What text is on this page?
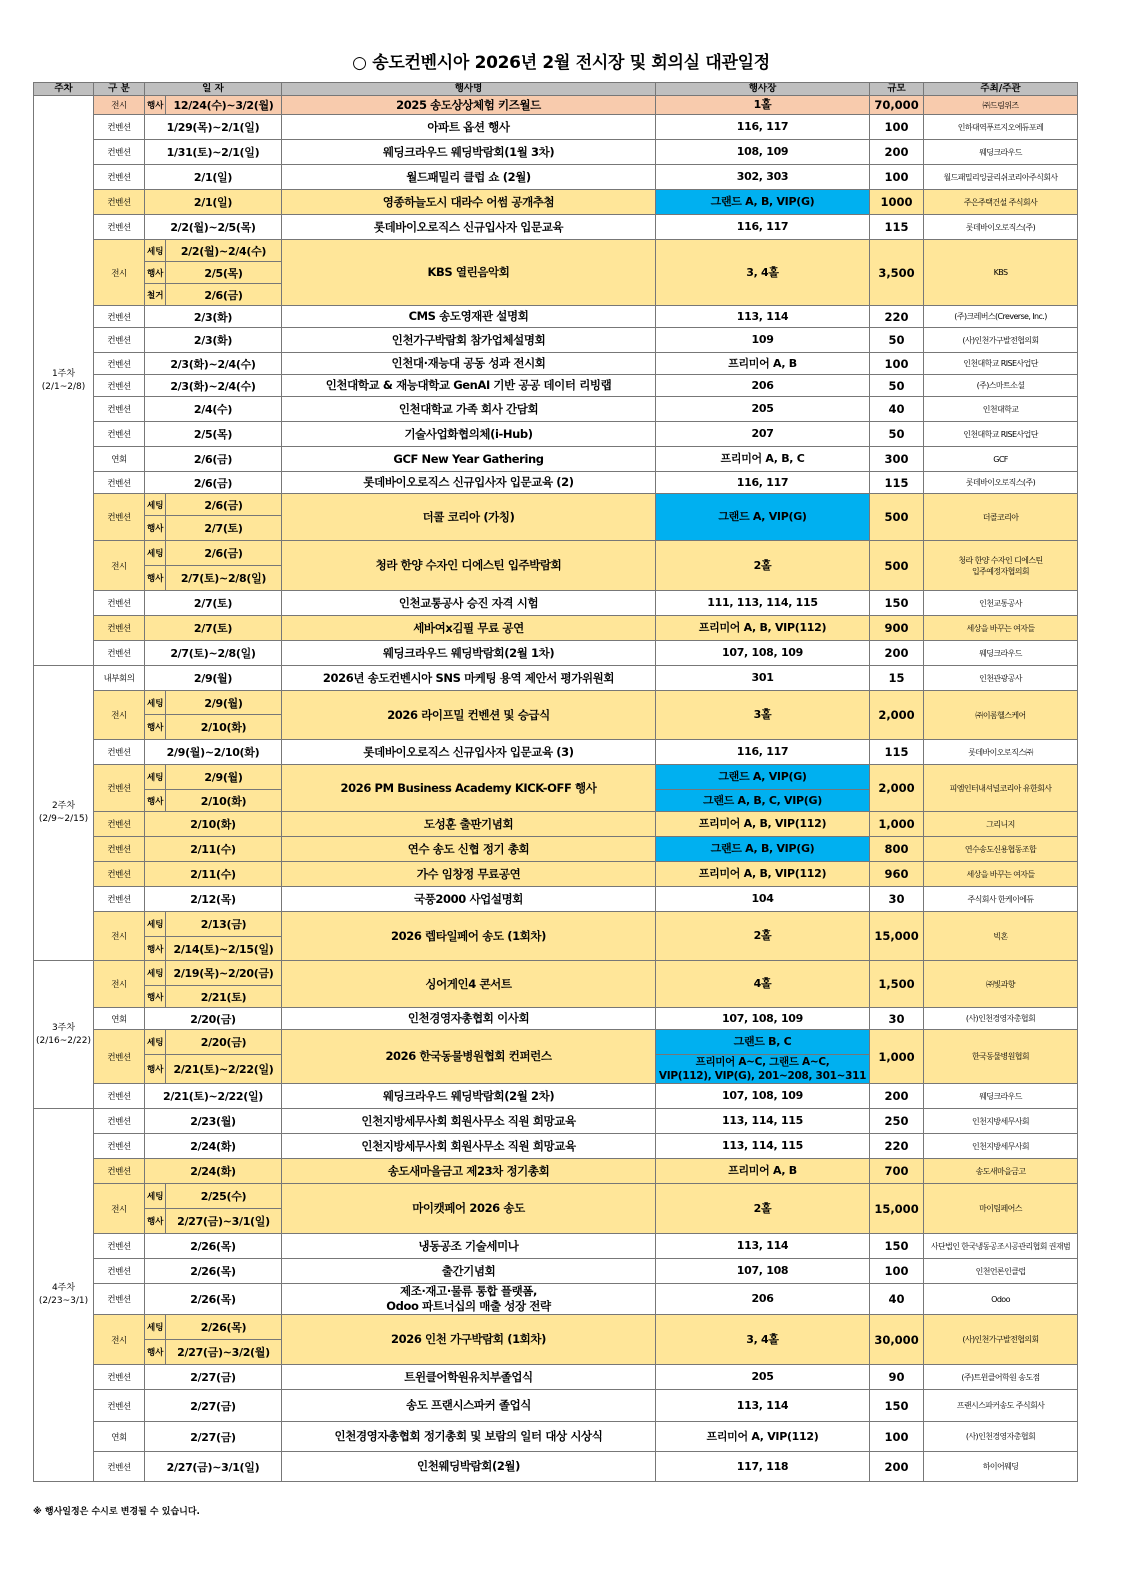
○ 송도컨벤시아 2026년 2월 전시장 및 회의실 대관일정
주차	구 분	일 자		행사명	행사장	규모	주최/주관
1주차
(2/1~2/8)	전시	행사	12/24(수)~3/2(월)	2025 송도상상체험 키즈월드	1홀	70,000	㈜드림위즈
	컨벤션	1/29(목)~2/1(일)		아파트 옵션 행사	116, 117	100	인하대역푸르지오에듀포레
	컨벤션	1/31(토)~2/1(일)		웨딩크라우드 웨딩박람회(1월 3차)	108, 109	200	웨딩크라우드
	컨벤션	2/1(일)		월드패밀리 클럽 쇼 (2월)	302, 303	100	월드패밀리잉글리쉬코리아주식회사
	컨벤션	2/1(일)		영종하늘도시 대라수 어썸 공개추첨	그랜드 A, B, VIP(G)	1000	주은주택건설 주식회사
	컨벤션	2/2(월)~2/5(목)		롯데바이오로직스 신규입사자 입문교육	116, 117	115	롯데바이오로직스(주)
	전시	세팅	2/2(월)~2/4(수)	KBS 열린음악회	3, 4홀	3,500	KBS
		행사	2/5(목)				
		철거	2/6(금)				
	컨벤션	2/3(화)		CMS 송도영재관 설명회	113, 114	220	(주)크레버스(Creverse, Inc.)
	컨벤션	2/3(화)		인천가구박람회 참가업체설명회	109	50	(사)인천가구발전협의회
	컨벤션	2/3(화)~2/4(수)		인천대·재능대 공동 성과 전시회	프리미어 A, B	100	인천대학교 RISE사업단
	컨벤션	2/3(화)~2/4(수)		인천대학교 & 재능대학교 GenAI 기반 공공 데이터 리빙랩	206	50	(주)스마트소셜
	컨벤션	2/4(수)		인천대학교 가족 회사 간담회	205	40	인천대학교
	컨벤션	2/5(목)		기술사업화협의체(i-Hub)	207	50	인천대학교 RISE사업단
	연회	2/6(금)		GCF New Year Gathering	프리미어 A, B, C	300	GCF
	컨벤션	2/6(금)		롯데바이오로직스 신규입사자 입문교육 (2)	116, 117	115	롯데바이오로직스(주)
	컨벤션	세팅	2/6(금)	더콜 코리아 (가칭)	그랜드 A, VIP(G)	500	더콜코리아
		행사	2/7(토)				
	전시	세팅	2/6(금)	청라 한양 수자인 디에스틴 입주박람회	2홀	500	청라 한양 수자인 디에스틴
입주예정자협의회
		행사	2/7(토)~2/8(일)				
	컨벤션	2/7(토)		인천교통공사 승진 자격 시험	111, 113, 114, 115	150	인천교통공사
	컨벤션	2/7(토)		세바여x김필 무료 공연	프리미어 A, B, VIP(112)	900	세상을 바꾸는 여자들
	컨벤션	2/7(토)~2/8(일)		웨딩크라우드 웨딩박람회(2월 1차)	107, 108, 109	200	웨딩크라우드
2주차
(2/9~2/15)	내부회의	2/9(월)		2026년 송도컨벤시아 SNS 마케팅 용역 제안서 평가위원회	301	15	인천관광공사
	전시	세팅	2/9(월)	2026 라이프밀 컨벤션 및 승급식	3홀	2,000	㈜이롬헬스케어
		행사	2/10(화)				
	컨벤션	2/9(월)~2/10(화)		롯데바이오로직스 신규입사자 입문교육 (3)	116, 117	115	롯데바이오로직스㈜
	컨벤션	세팅	2/9(월)	2026 PM Business Academy KICK-OFF 행사	그랜드 A, VIP(G)	2,000	피엠인터내셔널코리아 유한회사
		행사	2/10(화)		그랜드 A, B, C, VIP(G)		
	컨벤션	2/10(화)		도성훈 출판기념회	프리미어 A, B, VIP(112)	1,000	그리니지
	컨벤션	2/11(수)		연수 송도 신협 정기 총회	그랜드 A, B, VIP(G)	800	연수송도신용협동조합
	컨벤션	2/11(수)		가수 임창정 무료공연	프리미어 A, B, VIP(112)	960	세상을 바꾸는 여자들
	컨벤션	2/12(목)		국풍2000 사업설명회	104	30	주식회사 한케이에듀
	전시	세팅	2/13(금)	2026 렙타일페어 송도 (1회차)	2홀	15,000	빅혼
		행사	2/14(토)~2/15(일)				
3주차
(2/16~2/22)	전시	세팅	2/19(목)~2/20(금)	싱어게인4 콘서트	4홀	1,500	㈜빛과향
		행사	2/21(토)				
	연회	2/20(금)		인천경영자총협회 이사회	107, 108, 109	30	(사)인천경영자총협회
	컨벤션	세팅	2/20(금)	2026 한국동물병원협회 컨퍼런스	그랜드 B, C	1,000	한국동물병원협회
		행사	2/21(토)~2/22(일)		프리미어 A~C, 그랜드 A~C,
VIP(112), VIP(G), 201~208, 301~311		
	컨벤션	2/21(토)~2/22(일)		웨딩크라우드 웨딩박람회(2월 2차)	107, 108, 109	200	웨딩크라우드
4주차
(2/23~3/1)	컨벤션	2/23(월)		인천지방세무사회 회원사무소 직원 희망교육	113, 114, 115	250	인천지방세무사회
	컨벤션	2/24(화)		인천지방세무사회 회원사무소 직원 희망교육	113, 114, 115	220	인천지방세무사회
	컨벤션	2/24(화)		송도새마을금고 제23차 정기총회	프리미어 A, B	700	송도새마을금고
	전시	세팅	2/25(수)	마이캣페어 2026 송도	2홀	15,000	마이팀페어스
		행사	2/27(금)~3/1(일)				
	컨벤션	2/26(목)		냉동공조 기술세미나	113, 114	150	사단법인 한국냉동공조시공관리협회 권재범
	컨벤션	2/26(목)		출간기념회	107, 108	100	인천언론인클럽
	컨벤션	2/26(목)		제조·재고·물류 통합 플랫폼,
Odoo 파트너십의 매출 성장 전략	206	40	Odoo
	전시	세팅	2/26(목)	2026 인천 가구박람회 (1회차)	3, 4홀	30,000	(사)인천가구발전협의회
		행사	2/27(금)~3/2(월)				
	컨벤션	2/27(금)		트윈클어학원유치부졸업식	205	90	(주)트윈클어학원 송도점
	컨벤션	2/27(금)		송도 프랜시스파커 졸업식	113, 114	150	프랜시스파커송도 주식회사
	연회	2/27(금)		인천경영자총협회 정기총회 및 보람의 일터 대상 시상식	프리미어 A, VIP(112)	100	(사)인천경영자총협회
	컨벤션	2/27(금)~3/1(일)		인천웨딩박람회(2월)	117, 118	200	하이어웨딩
※ 행사일정은 수시로 변경될 수 있습니다.
